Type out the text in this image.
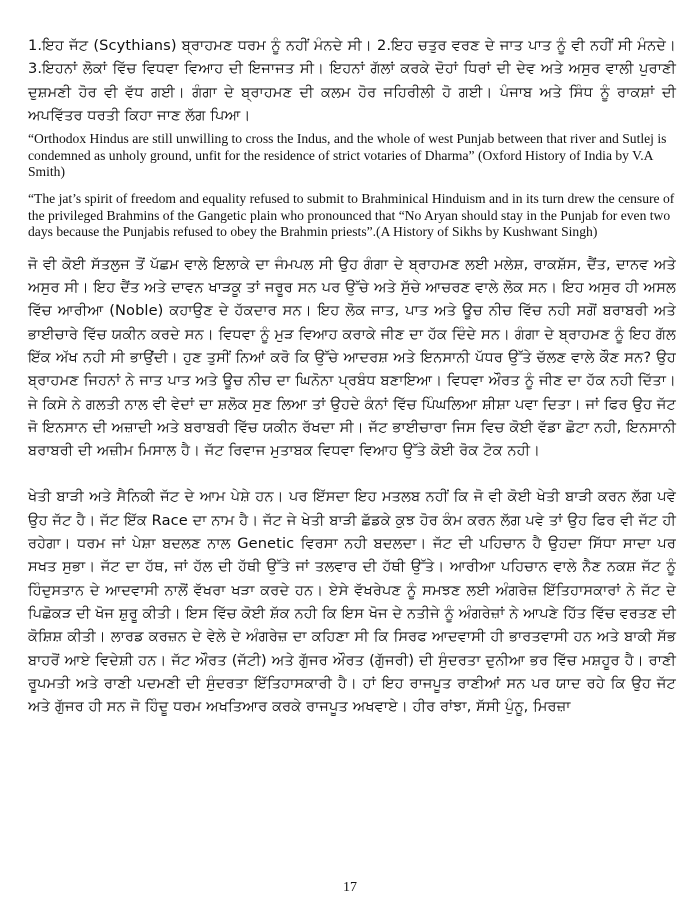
1.ਇਹ ਜੱਟ (Scythians) ਬ੍ਰਾਹਮਣ ਧਰਮ ਨੂੰ ਨਹੀਂ ਮੰਨਦੇ ਸੀ। 2.ਇਹ ਚਤੁਰ ਵਰਣ ਦੇ ਜਾਤ ਪਾਤ ਨੂੰ ਵੀ ਨਹੀਂ ਸੀ ਮੰਨਦੇ। 3.ਇਹਨਾਂ ਲੋਕਾਂ ਵਿੱਚ ਵਿਧਵਾ ਵਿਆਹ ਦੀ ਇਜਾਜਤ ਸੀ। ਇਹਨਾਂ ਗੱਲਾਂ ਕਰਕੇ ਦੋਹਾਂ ਧਿਰਾਂ ਦੀ ਦੇਵ ਅਤੇ ਅਸੁਰ ਵਾਲੀ ਪੁਰਾਣੀ ਦੁਸ਼ਮਣੀ ਹੋਰ ਵੀ ਵੱਧ ਗਈ। ਗੰਗਾ ਦੇ ਬ੍ਰਾਹਮਣ ਦੀ ਕਲਮ ਹੋਰ ਜਹਿਰੀਲੀ ਹੋ ਗਈ। ਪੰਜਾਬ ਅਤੇ ਸਿੰਧ ਨੂੰ ਰਾਕਸ਼ਾਂ ਦੀ ਅਪਵਿੱਤਰ ਧਰਤੀ ਕਿਹਾ ਜਾਣ ਲੱਗ ਪਿਆ।

“Orthodox Hindus are still unwilling to cross the Indus, and the whole of west Punjab between that river and Sutlej is condemned as unholy ground, unfit for the residence of strict votaries of Dharma” (Oxford History of India by V.A Smith)

“The jat’s spirit of freedom and equality refused to submit to Brahminical Hinduism and in its turn drew the censure of the privileged Brahmins of the Gangetic plain who pronounced that “No Aryan should stay in the Punjab for even two days because the Punjabis refused to obey the Brahmin priests”.(A History of Sikhs by Kushwant Singh)

ਜੋ ਵੀ ਕੋਈ ਸੱਤਲੁਜ ਤੋਂ ਪੱਛਮ ਵਾਲੇ ਇਲਾਕੇ ਦਾ ਜੰਮਪਲ ਸੀ ਉਹ ਗੰਗਾ ਦੇ ਬ੍ਰਾਹਮਣ ਲਈ ਮਲੇਸ਼, ਰਾਕਸ਼ੱਸ, ਦੈਂਤ, ਦਾਨਵ ਅਤੇ ਅਸੁਰ ਸੀ। ਇਹ ਦੈਂਤ ਅਤੇ ਦਾਵਨ ਖਾੜਕੂ ਤਾਂ ਜਰੂਰ ਸਨ ਪਰ ਉੱਚੇ ਅਤੇ ਸੁੱਚੇ ਆਚਰਣ ਵਾਲੇ ਲੋਕ ਸਨ। ਇਹ ਅਸੁਰ ਹੀ ਅਸਲ ਵਿੱਚ ਆਰੀਆ (Noble) ਕਹਾਉਣ ਦੇ ਹੱਕਦਾਰ ਸਨ। ਇਹ ਲੋਕ ਜਾਤ, ਪਾਤ ਅਤੇ ਊਚ ਨੀਚ ਵਿੱਚ ਨਹੀ ਸਗੋਂ ਬਰਾਬਰੀ ਅਤੇ ਭਾਈਚਾਰੇ ਵਿੱਚ ਯਕੀਨ ਕਰਦੇ ਸਨ। ਵਿਧਵਾ ਨੂੰ ਮੁੜ ਵਿਆਹ ਕਰਾਕੇ ਜੀਣ ਦਾ ਹੱਕ ਦਿੰਦੇ ਸਨ। ਗੰਗਾ ਦੇ ਬ੍ਰਾਹਮਣ ਨੂੰ ਇਹ ਗੱਲ ਇੱਕ ਅੱਖ ਨਹੀ ਸੀ ਭਾਉਂਦੀ। ਹੁਣ ਤੁਸੀਂ ਨਿਆਂ ਕਰੋ ਕਿ ਉੱਚੇ ਆਦਰਸ਼ ਅਤੇ ਇਨਸਾਨੀ ਪੱਧਰ ਉੱਤੇ ਚੱਲਣ ਵਾਲੇ ਕੌਣ ਸਨ? ਉਹ ਬ੍ਰਾਹਮਣ ਜਿਹਨਾਂ ਨੇ ਜਾਤ ਪਾਤ ਅਤੇ ਊਚ ਨੀਚ ਦਾ ਘਿਨੋਨਾ ਪ੍ਰਬੰਧ ਬਣਾਇਆ। ਵਿਧਵਾ ਔਰਤ ਨੂੰ ਜੀਣ ਦਾ ਹੱਕ ਨਹੀ ਦਿੱਤਾ। ਜੇ ਕਿਸੇ ਨੇ ਗਲਤੀ ਨਾਲ ਵੀ ਵੇਦਾਂ ਦਾ ਸ਼ਲੋਕ ਸੁਣ ਲਿਆ ਤਾਂ ਉਹਦੇ ਕੰਨਾਂ ਵਿੱਚ ਪਿੰਘਲਿਆ ਸ਼ੀਸ਼ਾ ਪਵਾ ਦਿਤਾ। ਜਾਂ ਫਿਰ ਉਹ ਜੱਟ ਜੋ ਇਨਸਾਨ ਦੀ ਅਜ਼ਾਦੀ ਅਤੇ ਬਰਾਬਰੀ ਵਿੱਚ ਯਕੀਨ ਰੱਖਦਾ ਸੀ। ਜੱਟ ਭਾਈਚਾਰਾ ਜਿਸ ਵਿਚ ਕੋਈ ਵੱਡਾ ਛੋਟਾ ਨਹੀ, ਇਨਸਾਨੀ ਬਰਾਬਰੀ ਦੀ ਅਜ਼ੀਮ ਮਿਸਾਲ ਹੈ। ਜੱਟ ਰਿਵਾਜ ਮੁਤਾਬਕ ਵਿਧਵਾ ਵਿਆਹ ਉੱਤੇ ਕੋਈ ਰੋਕ ਟੋਕ ਨਹੀ।

ਖੇਤੀ ਬਾੜੀ ਅਤੇ ਸੈਨਿਕੀ ਜੱਟ ਦੇ ਆਮ ਪੇਸ਼ੇ ਹਨ। ਪਰ ਇੱਸਦਾ ਇਹ ਮਤਲਬ ਨਹੀਂ ਕਿ ਜੋ ਵੀ ਕੋਈ ਖੇਤੀ ਬਾੜੀ ਕਰਨ ਲੱਗ ਪਵੇ ਉਹ ਜੱਟ ਹੈ। ਜੱਟ ਇੱਕ Race ਦਾ ਨਾਮ ਹੈ। ਜੱਟ ਜੇ ਖੇਤੀ ਬਾੜੀ ਛੱਡਕੇ ਕੁਝ ਹੋਰ ਕੰਮ ਕਰਨ ਲੱਗ ਪਵੇ ਤਾਂ ਉਹ ਫਿਰ ਵੀ ਜੱਟ ਹੀ ਰਹੇਗਾ। ਧਰਮ ਜਾਂ ਪੇਸ਼ਾ ਬਦਲਣ ਨਾਲ Genetic ਵਿਰਸਾ ਨਹੀ ਬਦਲਦਾ। ਜੱਟ ਦੀ ਪਹਿਚਾਨ ਹੈ ਉਹਦਾ ਸਿੱਧਾ ਸਾਦਾ ਪਰ ਸਖਤ ਸੁਭਾ। ਜੱਟ ਦਾ ਹੱਥ, ਜਾਂ ਹੱਲ ਦੀ ਹੱਥੀ ਉੱਤੇ ਜਾਂ ਤਲਵਾਰ ਦੀ ਹੱਥੀ ਉੱਤੇ। ਆਰੀਆ ਪਹਿਚਾਨ ਵਾਲੇ ਨੈਣ ਨਕਸ਼ ਜੱਟ ਨੂੰ ਹਿੰਦੁਸਤਾਨ ਦੇ ਆਦਵਾਸੀ ਨਾਲੋਂ ਵੱਖਰਾ ਖੜਾ ਕਰਦੇ ਹਨ। ਏਸੇ ਵੱਖਰੇਪਣ ਨੂੰ ਸਮਝਣ ਲਈ ਅੰਗਰੇਜ਼ ਇੱਤਿਹਾਸਕਾਰਾਂ ਨੇ ਜੱਟ ਦੇ ਪਿਛੋਕੜ ਦੀ ਖੋਜ ਸ਼ੁਰੂ ਕੀਤੀ। ਇਸ ਵਿੱਚ ਕੋਈ ਸ਼ੱਕ ਨਹੀ ਕਿ ਇਸ ਖੋਜ ਦੇ ਨਤੀਜੇ ਨੂੰ ਅੰਗਰੇਜ਼ਾਂ ਨੇ ਆਪਣੇ ਹਿੱਤ ਵਿੱਚ ਵਰਤਣ ਦੀ ਕੋਸ਼ਿਸ਼ ਕੀਤੀ। ਲਾਰਡ ਕਰਜ਼ਨ ਦੇ ਵੇਲੇ ਦੇ ਅੰਗਰੇਜ਼ ਦਾ ਕਹਿਣਾ ਸੀ ਕਿ ਸਿਰਫ ਆਦਵਾਸੀ ਹੀ ਭਾਰਤਵਾਸੀ ਹਨ ਅਤੇ ਬਾਕੀ ਸੱਭ ਬਾਹਰੋਂ ਆਏ ਵਿਦੇਸ਼ੀ ਹਨ। ਜੱਟ ਔਰਤ (ਜੱਟੀ) ਅਤੇ ਗੁੱਜਰ ਔਰਤ (ਗੁੱਜਰੀ) ਦੀ ਸੁੰਦਰਤਾ ਦੁਨੀਆ ਭਰ ਵਿੱਚ ਮਸ਼ਹੂਰ ਹੈ। ਰਾਣੀ ਰੂਪਮਤੀ ਅਤੇ ਰਾਣੀ ਪਦਮਣੀ ਦੀ ਸੁੰਦਰਤਾ ਇੱਤਿਹਾਸਕਾਰੀ ਹੈ। ਹਾਂ ਇਹ ਰਾਜਪੂਤ ਰਾਣੀਆਂ ਸਨ ਪਰ ਯਾਦ ਰਹੇ ਕਿ ਉਹ ਜੱਟ ਅਤੇ ਗੁੱਜਰ ਹੀ ਸਨ ਜੋ ਹਿੰਦੂ ਧਰਮ ਅਖਤਿਆਰ ਕਰਕੇ ਰਾਜਪੂਤ ਅਖਵਾਏ। ਹੀਰ ਰਾਂਝਾ, ਸੱਸੀ ਪੁੰਨੂ, ਮਿਰਜ਼ਾ

17
